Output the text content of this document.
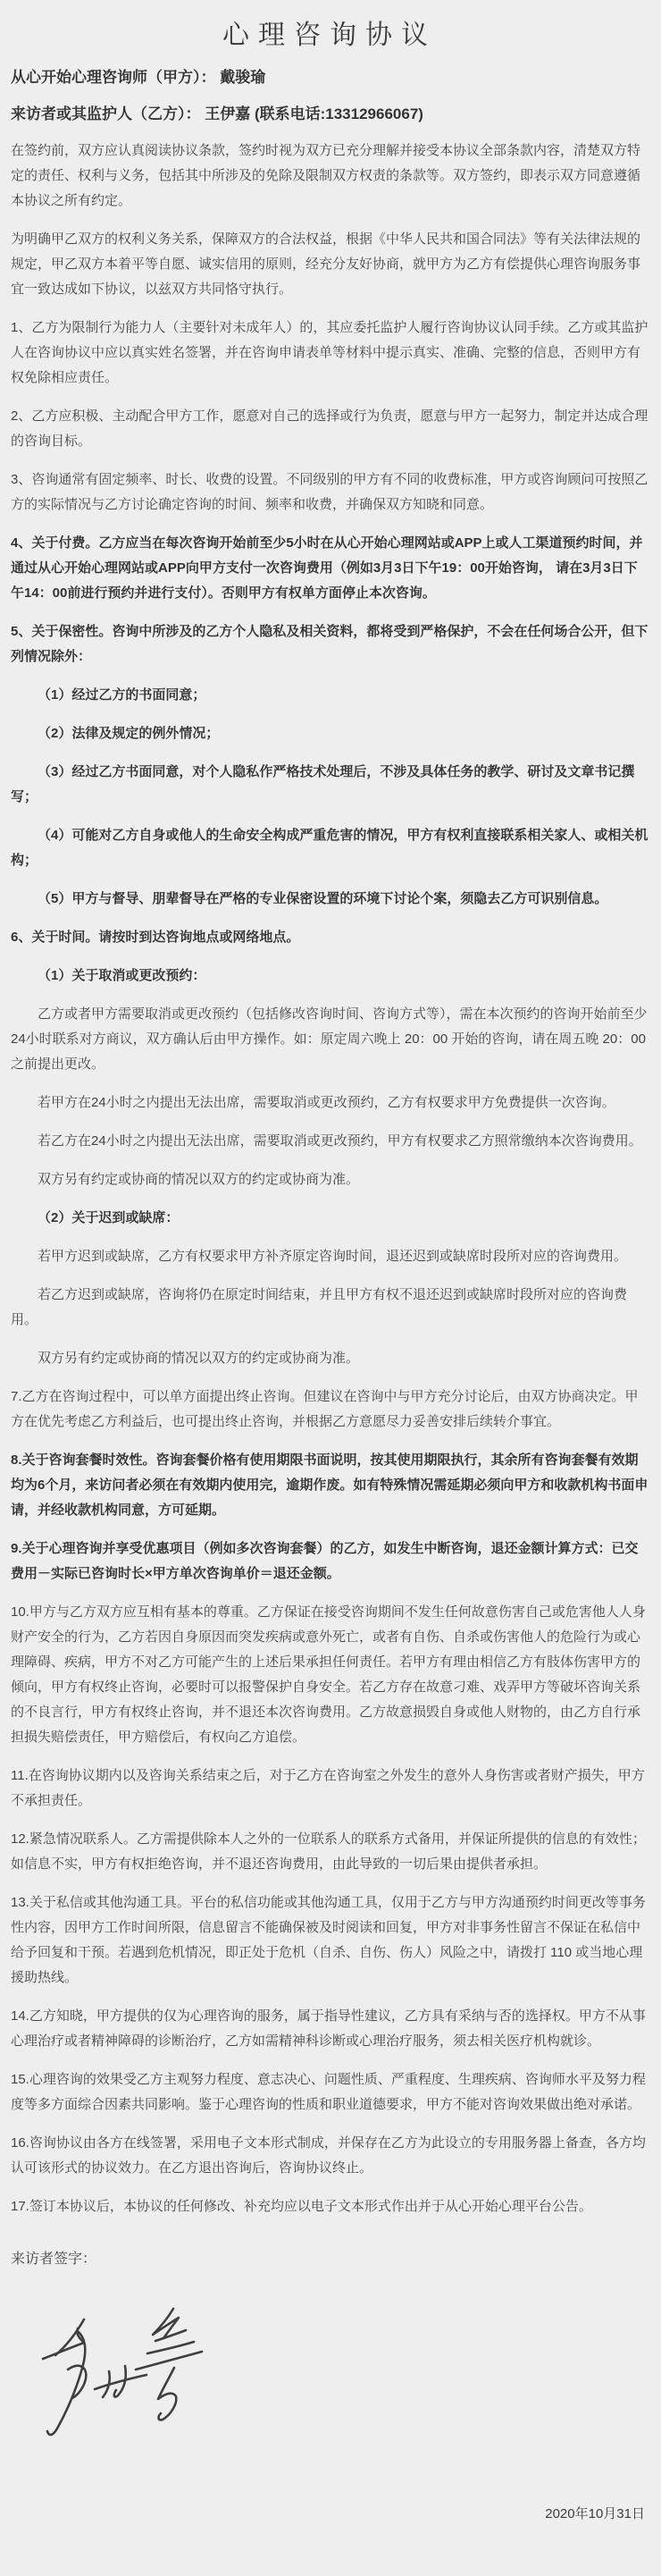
心理咨询协议
从心开始心理咨询师（甲方）： 戴骏瑜
来访者或其监护人（乙方）： 王伊嘉 (联系电话:13312966067)

在签约前，双方应认真阅读协议条款，签约时视为双方已充分理解并接受本协议全部条款内容，清楚双方特定的责任、权利与义务，包括其中所涉及的免除及限制双方权责的条款等。双方签约，即表示双方同意遵循本协议之所有约定。

为明确甲乙双方的权利义务关系，保障双方的合法权益，根据《中华人民共和国合同法》等有关法律法规的规定，甲乙双方本着平等自愿、诚实信用的原则，经充分友好协商，就甲方为乙方有偿提供心理咨询服务事宜一致达成如下协议，以兹双方共同恪守执行。

1、乙方为限制行为能力人（主要针对未成年人）的，其应委托监护人履行咨询协议认同手续。乙方或其监护人在咨询协议中应以真实姓名签署，并在咨询申请表单等材料中提示真实、准确、完整的信息，否则甲方有权免除相应责任。

2、乙方应积极、主动配合甲方工作，愿意对自己的选择或行为负责，愿意与甲方一起努力，制定并达成合理的咨询目标。

3、咨询通常有固定频率、时长、收费的设置。不同级别的甲方有不同的收费标准，甲方或咨询顾问可按照乙方的实际情况与乙方讨论确定咨询的时间、频率和收费，并确保双方知晓和同意。

4、关于付费。乙方应当在每次咨询开始前至少5小时在从心开始心理网站或APP上或人工渠道预约时间，并通过从心开始心理网站或APP向甲方支付一次咨询费用（例如3月3日下午19：00开始咨询， 请在3月3日下午14：00前进行预约并进行支付）。否则甲方有权单方面停止本次咨询。

5、关于保密性。咨询中所涉及的乙方个人隐私及相关资料，都将受到严格保护，不会在任何场合公开，但下列情况除外：

（1）经过乙方的书面同意；

（2）法律及规定的例外情况；

（3）经过乙方书面同意，对个人隐私作严格技术处理后，不涉及具体任务的教学、研讨及文章书记撰写；

（4）可能对乙方自身或他人的生命安全构成严重危害的情况，甲方有权利直接联系相关家人、或相关机构；

（5）甲方与督导、朋辈督导在严格的专业保密设置的环境下讨论个案，须隐去乙方可识别信息。

6、关于时间。请按时到达咨询地点或网络地点。

（1）关于取消或更改预约：

乙方或者甲方需要取消或更改预约（包括修改咨询时间、咨询方式等），需在本次预约的咨询开始前至少24小时联系对方商议，双方确认后由甲方操作。如：原定周六晚上 20：00 开始的咨询，请在周五晚 20：00 之前提出更改。

若甲方在24小时之内提出无法出席，需要取消或更改预约，乙方有权要求甲方免费提供一次咨询。

若乙方在24小时之内提出无法出席，需要取消或更改预约，甲方有权要求乙方照常缴纳本次咨询费用。

双方另有约定或协商的情况以双方的约定或协商为准。

（2）关于迟到或缺席：

若甲方迟到或缺席，乙方有权要求甲方补齐原定咨询时间，退还迟到或缺席时段所对应的咨询费用。

若乙方迟到或缺席，咨询将仍在原定时间结束，并且甲方有权不退还迟到或缺席时段所对应的咨询费用。

双方另有约定或协商的情况以双方的约定或协商为准。

7.乙方在咨询过程中，可以单方面提出终止咨询。但建议在咨询中与甲方充分讨论后，由双方协商决定。甲方在优先考虑乙方利益后，也可提出终止咨询，并根据乙方意愿尽力妥善安排后续转介事宜。

8.关于咨询套餐时效性。咨询套餐价格有使用期限书面说明，按其使用期限执行，其余所有咨询套餐有效期均为6个月，来访问者必须在有效期内使用完，逾期作废。如有特殊情况需延期必须向甲方和收款机构书面申请，并经收款机构同意，方可延期。

9.关于心理咨询并享受优惠项目（例如多次咨询套餐）的乙方，如发生中断咨询，退还金额计算方式：已交费用－实际已咨询时长×甲方单次咨询单价＝退还金额。

10.甲方与乙方双方应互相有基本的尊重。乙方保证在接受咨询期间不发生任何故意伤害自己或危害他人人身财产安全的行为，乙方若因自身原因而突发疾病或意外死亡，或者有自伤、自杀或伤害他人的危险行为或心理障碍、疾病，甲方不对乙方可能产生的上述后果承担任何责任。若甲方有理由相信乙方有肢体伤害甲方的倾向，甲方有权终止咨询，必要时可以报警保护自身安全。若乙方存在故意刁难、戏弄甲方等破坏咨询关系的不良言行，甲方有权终止咨询，并不退还本次咨询费用。乙方故意损毁自身或他人财物的，由乙方自行承担损失赔偿责任，甲方赔偿后，有权向乙方追偿。

11.在咨询协议期内以及咨询关系结束之后，对于乙方在咨询室之外发生的意外人身伤害或者财产损失，甲方不承担责任。

12.紧急情况联系人。乙方需提供除本人之外的一位联系人的联系方式备用，并保证所提供的信息的有效性；如信息不实，甲方有权拒绝咨询，并不退还咨询费用，由此导致的一切后果由提供者承担。

13.关于私信或其他沟通工具。平台的私信功能或其他沟通工具，仅用于乙方与甲方沟通预约时间更改等事务性内容，因甲方工作时间所限，信息留言不能确保被及时阅读和回复，甲方对非事务性留言不保证在私信中给予回复和干预。若遇到危机情况，即正处于危机（自杀、自伤、伤人）风险之中，请拨打 110 或当地心理援助热线。

14.乙方知晓，甲方提供的仅为心理咨询的服务，属于指导性建议，乙方具有采纳与否的选择权。甲方不从事心理治疗或者精神障碍的诊断治疗，乙方如需精神科诊断或心理治疗服务，须去相关医疗机构就诊。

15.心理咨询的效果受乙方主观努力程度、意志决心、问题性质、严重程度、生理疾病、咨询师水平及努力程度等多方面综合因素共同影响。鉴于心理咨询的性质和职业道德要求，甲方不能对咨询效果做出绝对承诺。

16.咨询协议由各方在线签署，采用电子文本形式制成，并保存在乙方为此设立的专用服务器上备查，各方均认可该形式的协议效力。在乙方退出咨询后，咨询协议终止。

17.签订本协议后，本协议的任何修改、补充均应以电子文本形式作出并于从心开始心理平台公告。

来访者签字：
2020年10月31日
